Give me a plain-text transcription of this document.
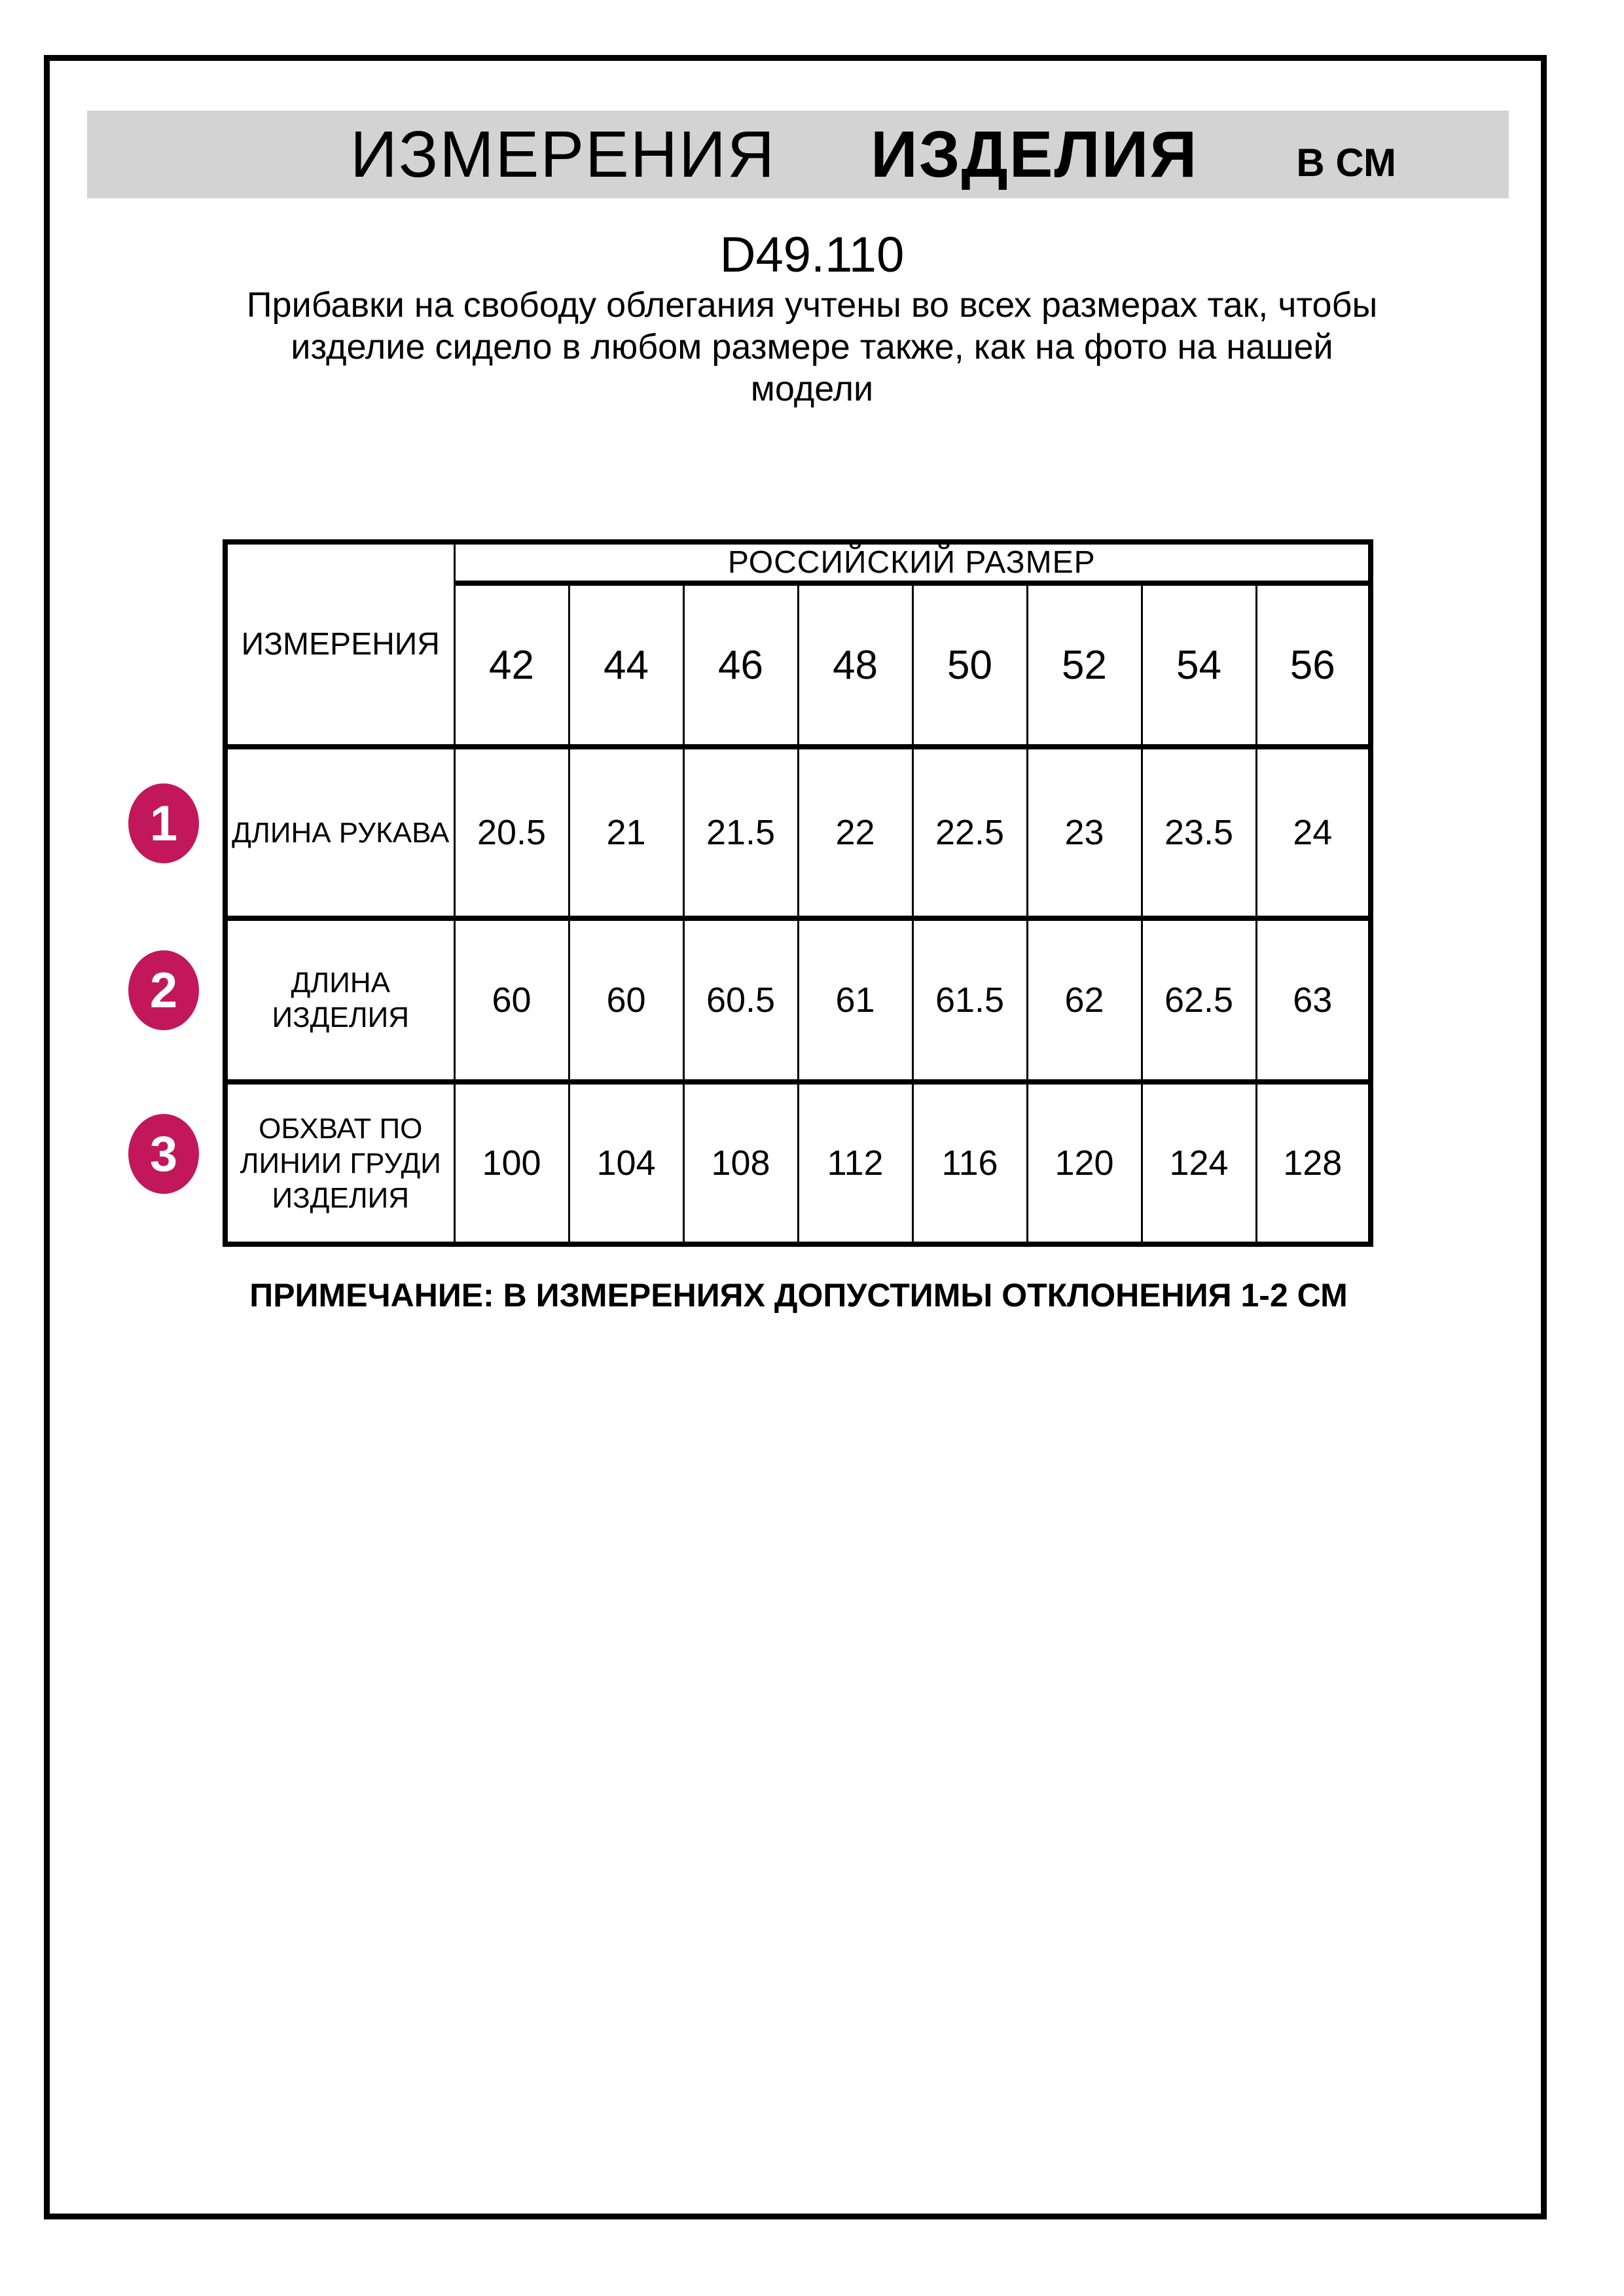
ИЗМЕРЕНИЯ ИЗДЕЛИЯ	В СМ
D49.110
Прибавки на свободу облегания учтены во всех размерах так, чтобы
изделие сидело в любом размере также, как на фото на нашей
модели
ИЗМЕРЕНИЯ	РОССИЙСКИЙ РАЗМЕР							
	42	44	46	48	50	52	54	56

ДЛИНА РУКАВА	20.5	21	21.5	22	22.5	23	23.5	24

ДЛИНА
ИЗДЕЛИЯ	60	60	60.5	61	61.5	62	62.5	63

ОБХВАТ ПО
ЛИНИИ ГРУДИ
ИЗДЕЛИЯ	100	104	108	112	116	120	124	128
1
2
3
ПРИМЕЧАНИЕ: В ИЗМЕРЕНИЯХ ДОПУСТИМЫ ОТКЛОНЕНИЯ 1-2 СМ
